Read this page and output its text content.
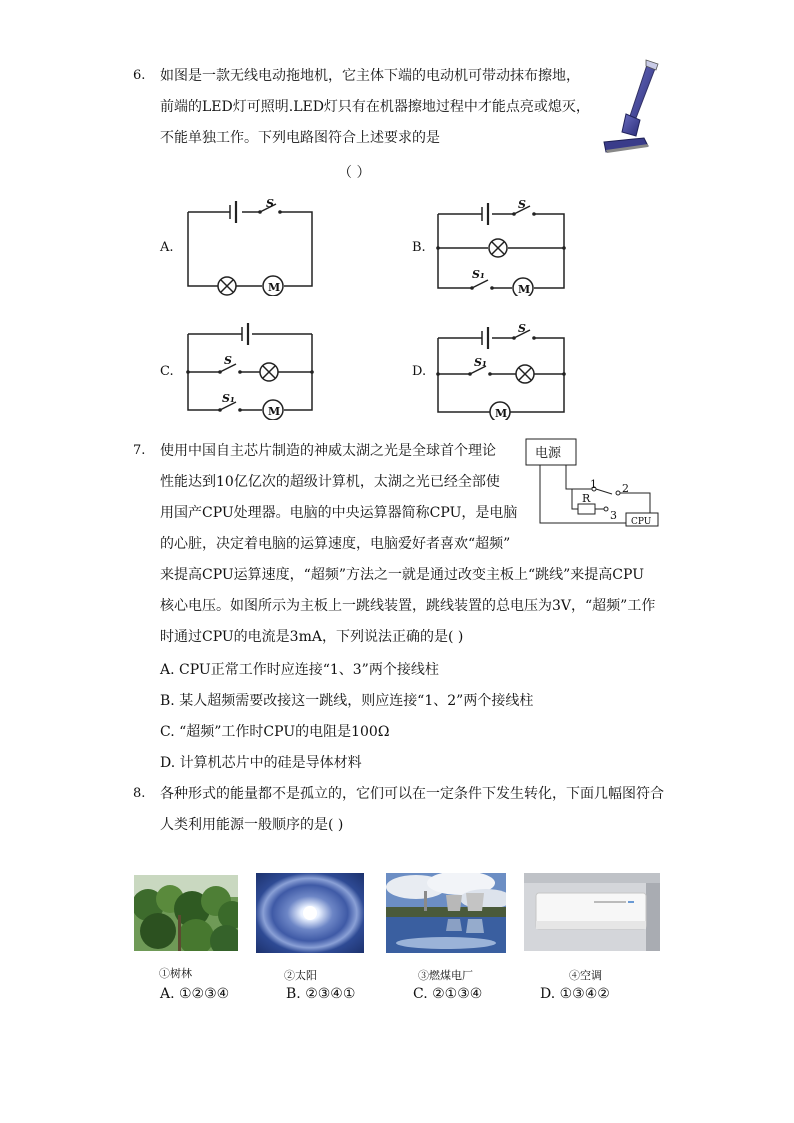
6. 如图是一款无线电动拖地机，它主体下端的电动机可带动抹布擦地，
前端的LED灯可照明.LED灯只有在机器擦地过程中才能点亮或熄灭，
不能单独工作。下列电路图符合上述要求的是
（ ）
A.
S
M
B.
S
S₁
M
C.
S
S₁
M
D.
S
S₁
M
7. 使用中国自主芯片制造的神威太湖之光是全球首个理论
性能达到10亿亿次的超级计算机，太湖之光已经全部使
用国产CPU处理器。电脑的中央运算器简称CPU，是电脑
的心脏，决定着电脑的运算速度，电脑爱好者喜欢“超频”
来提高CPU运算速度，“超频”方法之一就是通过改变主板上“跳线”来提高CPU
核心电压。如图所示为主板上一跳线装置，跳线装置的总电压为3V，“超频”工作
时通过CPU的电流是3mA，下列说法正确的是( )
电源
1 2
3
R
CPU
A. CPU正常工作时应连接“1、3”两个接线柱
B. 某人超频需要改接这一跳线，则应连接“1、2”两个接线柱
C. “超频”工作时CPU的电阻是100Ω
D. 计算机芯片中的硅是导体材料
8. 各种形式的能量都不是孤立的，它们可以在一定条件下发生转化，下面几幅图符合
人类利用能源一般顺序的是( )
①树林	②太阳	③燃煤电厂	④空调
A. ①②③④	B. ②③④①	C. ②①③④	D. ①③④②
